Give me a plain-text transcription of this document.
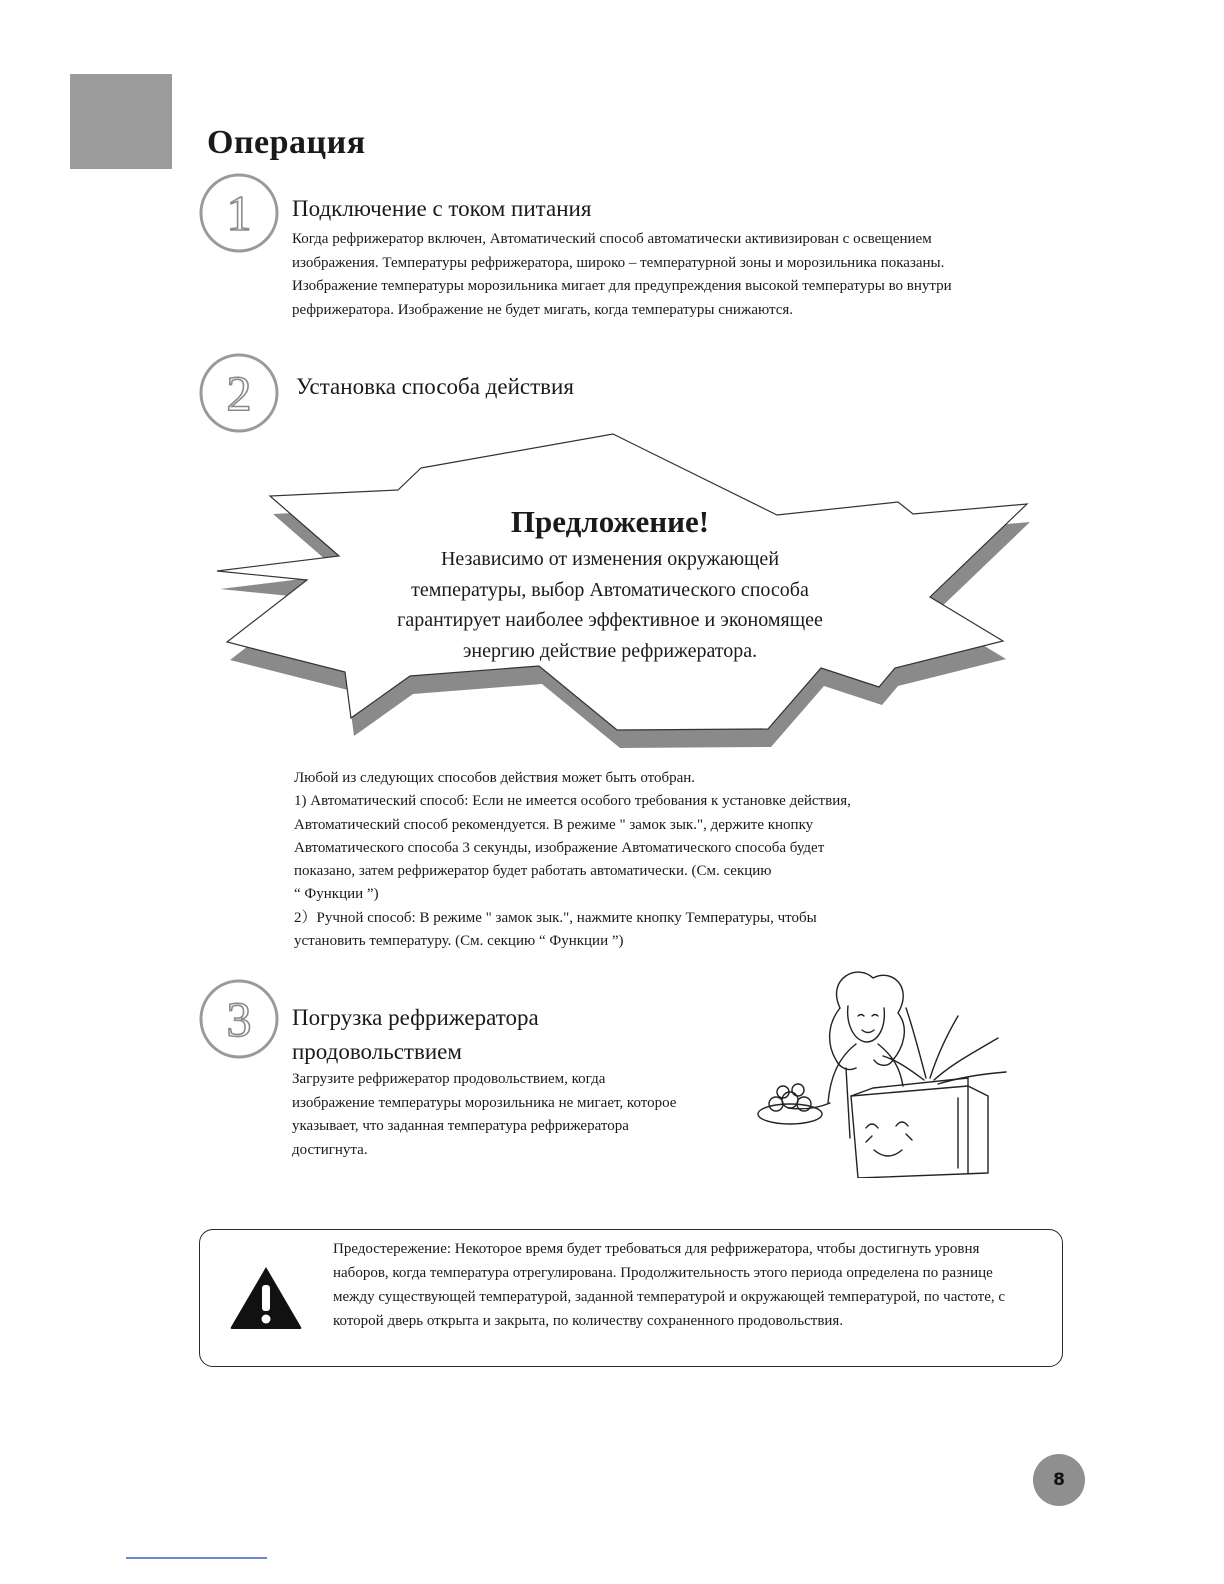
Операция
1 Подключение с током питания

Когда рефрижератор включен, Автоматический способ автоматически активизирован с освещением изображения. Температуры рефрижератора, широко – температурной зоны и морозильника показаны. Изображение температуры морозильника мигает для предупреждения высокой температуры во внутри рефрижератора. Изображение не будет мигать, когда температуры снижаются.

2 Установка способа действия
Предложение!
Независимо от изменения окружающей
температуры, выбор Автоматического способа
гарантирует наиболее эффективное и экономящее
энергию действие рефрижератора.

Любой из следующих способов действия может быть отобран.

1) Автоматический способ: Если не имеется особого требования к установке действия,
Автоматический способ рекомендуется. В режиме " замок зык.", держите кнопку
Автоматического способа 3 секунды, изображение Автоматического способа будет
показано, затем рефрижератор будет работать автоматически. (См. секцию
“ Функции ”)

2）Ручной способ: В режиме " замок зык.", нажмите кнопку Температуры, чтобы
установить температуру. (См. секцию “ Функции ”)

3 Погрузка рефрижератора
продовольствием

Загрузите рефрижератор продовольствием, когда изображение температуры морозильника не мигает, которое указывает, что заданная температура рефрижератора достигнута.

Предостережение: Некоторое время будет требоваться для рефрижератора, чтобы достигнуть уровня наборов, когда температура отрегулирована. Продолжительность этого периода определена по разнице между существующей температурой, заданной температурой и окружающей температурой, по частоте, с которой дверь открыта и закрыта, по количеству сохраненного продовольствия.

8
